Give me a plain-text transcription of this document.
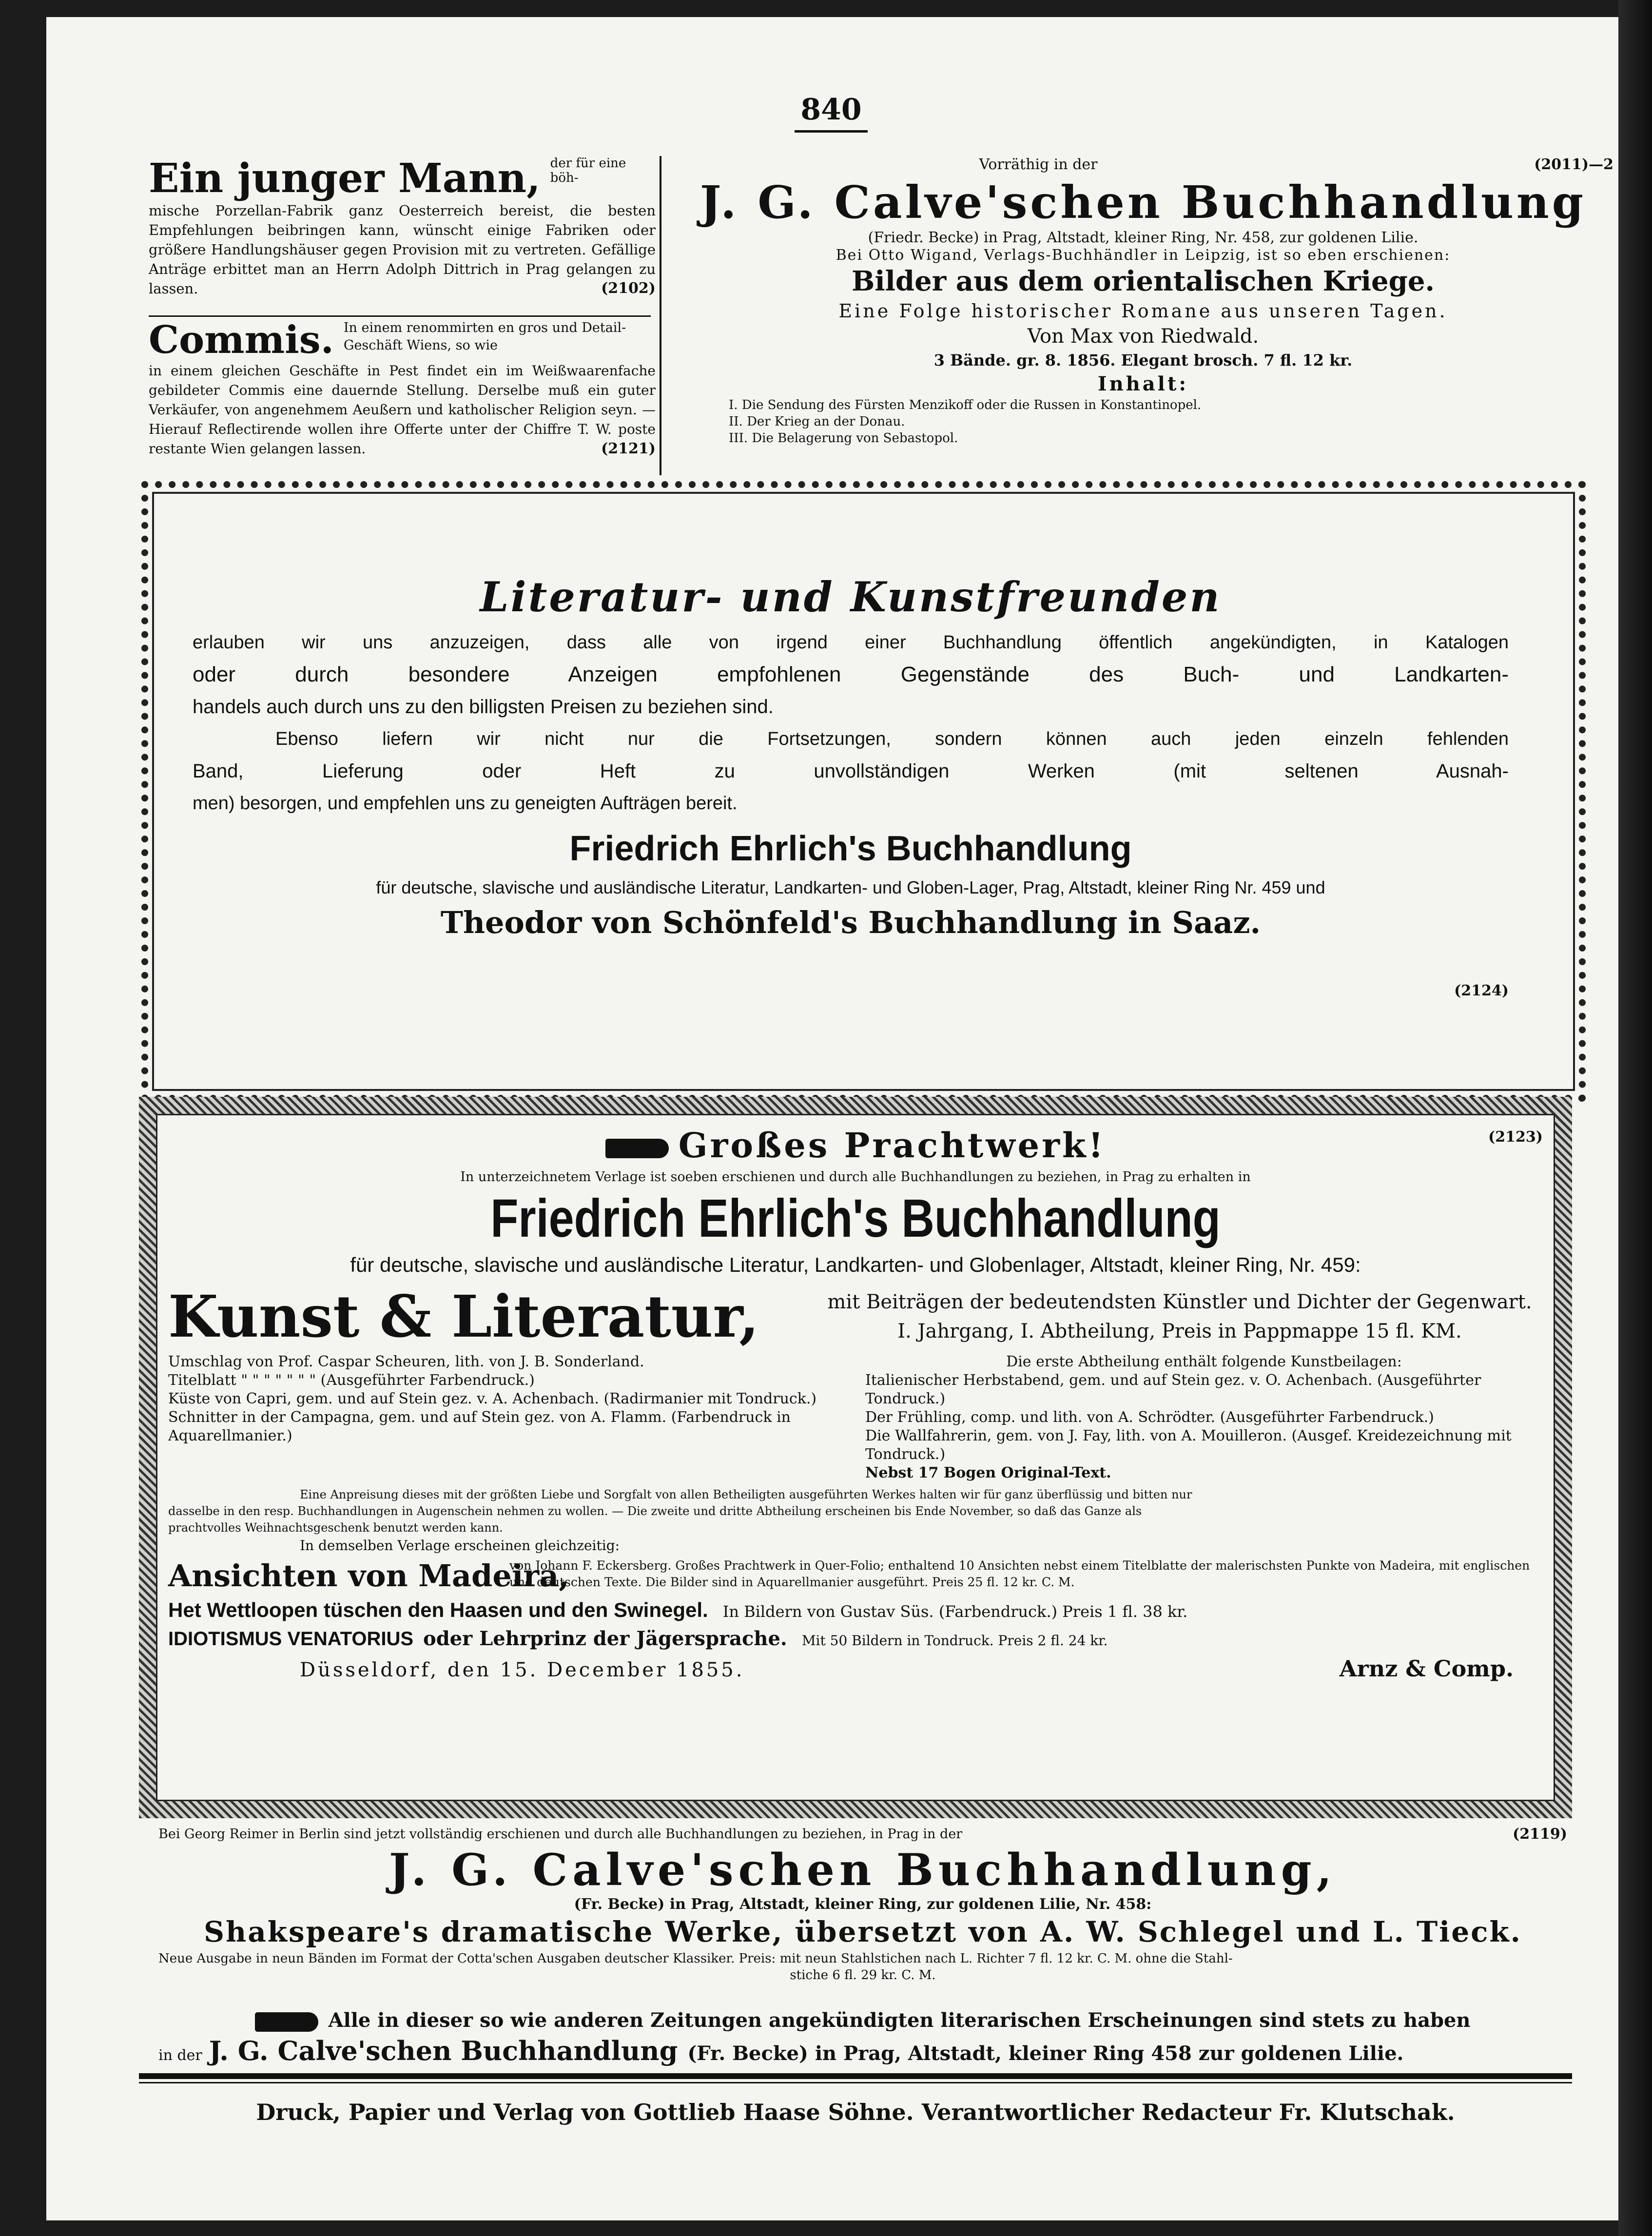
840
Ein junger Mann, der für eine böh-
mische Porzellan-Fabrik ganz Oesterreich bereist, die besten Empfehlungen beibringen kann, wünscht einige Fabriken oder größere Handlungshäuser gegen Provision mit zu vertreten. Gefällige Anträge erbittet man an Herrn Adolph Dittrich in Prag gelangen zu lassen.	(2102)
Commis. In einem renommirten en gros und Detail-Geschäft Wiens, so wie
in einem gleichen Geschäfte in Pest findet ein im Weißwaarenfache gebildeter Commis eine dauernde Stellung. Derselbe muß ein guter Verkäufer, von angenehmem Aeußern und katholischer Religion seyn. — Hierauf Reflectirende wollen ihre Offerte unter der Chiffre T. W. poste restante Wien gelangen lassen.	(2121)
Vorräthig in der	(2011)—2
J. G. Calve'schen Buchhandlung
(Friedr. Becke) in Prag, Altstadt, kleiner Ring, Nr. 458, zur goldenen Lilie.
Bei Otto Wigand, Verlags-Buchhändler in Leipzig, ist so eben erschienen:
Bilder aus dem orientalischen Kriege.
Eine Folge historischer Romane aus unseren Tagen.
Von Max von Riedwald.
3 Bände. gr. 8. 1856. Elegant brosch. 7 fl. 12 kr.
Inhalt:
I. Die Sendung des Fürsten Menzikoff oder die Russen in Konstantinopel.
II. Der Krieg an der Donau.
III. Die Belagerung von Sebastopol.
Literatur- und Kunstfreunden
erlauben wir uns anzuzeigen, dass alle von irgend einer Buchhandlung öffentlich angekündigten, in Katalogen
oder durch besondere Anzeigen empfohlenen Gegenstände des Buch- und Landkarten-
handels auch durch uns zu den billigsten Preisen zu beziehen sind.
Ebenso liefern wir nicht nur die Fortsetzungen, sondern können auch jeden einzeln fehlenden
Band, Lieferung oder Heft zu unvollständigen Werken (mit seltenen Ausnah-
men) besorgen, und empfehlen uns zu geneigten Aufträgen bereit.
Friedrich Ehrlich's Buchhandlung
für deutsche, slavische und ausländische Literatur, Landkarten- und Globen-Lager, Prag, Altstadt, kleiner Ring Nr. 459 und
Theodor von Schönfeld's Buchhandlung in Saaz.
(2124)
Großes Prachtwerk!	(2123)
In unterzeichnetem Verlage ist soeben erschienen und durch alle Buchhandlungen zu beziehen, in Prag zu erhalten in
Friedrich Ehrlich's Buchhandlung
für deutsche, slavische und ausländische Literatur, Landkarten- und Globenlager, Altstadt, kleiner Ring, Nr. 459:
Kunst & Literatur,	mit Beiträgen der bedeutendsten Künstler und Dichter der Gegenwart.
I. Jahrgang, I. Abtheilung, Preis in Pappmappe 15 fl. KM.
Umschlag von Prof. Caspar Scheuren, lith. von J. B. Sonderland.
Titelblatt " " " " " " " (Ausgeführter Farbendruck.)
Küste von Capri, gem. und auf Stein gez. v. A. Achenbach. (Radirmanier mit Tondruck.)
Schnitter in der Campagna, gem. und auf Stein gez. von A. Flamm. (Farbendruck in Aquarellmanier.)
Die erste Abtheilung enthält folgende Kunstbeilagen:
Italienischer Herbstabend, gem. und auf Stein gez. v. O. Achenbach. (Ausgeführter Tondruck.)
Der Frühling, comp. und lith. von A. Schrödter. (Ausgeführter Farbendruck.)
Die Wallfahrerin, gem. von J. Fay, lith. von A. Mouilleron. (Ausgef. Kreidezeichnung mit Tondruck.)
Nebst 17 Bogen Original-Text.
Eine Anpreisung dieses mit der größten Liebe und Sorgfalt von allen Betheiligten ausgeführten Werkes halten wir für ganz überflüssig und bitten nur
dasselbe in den resp. Buchhandlungen in Augenschein nehmen zu wollen. — Die zweite und dritte Abtheilung erscheinen bis Ende November, so daß das Ganze als
prachtvolles Weihnachtsgeschenk benutzt werden kann.
In demselben Verlage erscheinen gleichzeitig:
Ansichten von Madeira,
von Johann F. Eckersberg. Großes Prachtwerk in Quer-Folio; enthaltend 10 Ansichten nebst einem Titelblatte der malerischsten Punkte von Madeira, mit englischen und deutschen Texte. Die Bilder sind in Aquarellmanier ausgeführt. Preis 25 fl. 12 kr. C. M.
Het Wettloopen tüschen den Haasen und den Swinegel. In Bildern von Gustav Süs. (Farbendruck.) Preis 1 fl. 38 kr.
IDIOTISMUS VENATORIUS oder Lehrprinz der Jägersprache. Mit 50 Bildern in Tondruck. Preis 2 fl. 24 kr.
Düsseldorf, den 15. December 1855.	Arnz & Comp.
Bei Georg Reimer in Berlin sind jetzt vollständig erschienen und durch alle Buchhandlungen zu beziehen, in Prag in der	(2119)
J. G. Calve'schen Buchhandlung,
(Fr. Becke) in Prag, Altstadt, kleiner Ring, zur goldenen Lilie, Nr. 458:
Shakspeare's dramatische Werke, übersetzt von A. W. Schlegel und L. Tieck.
Neue Ausgabe in neun Bänden im Format der Cotta'schen Ausgaben deutscher Klassiker. Preis: mit neun Stahlstichen nach L. Richter 7 fl. 12 kr. C. M. ohne die Stahl-
stiche 6 fl. 29 kr. C. M.
Alle in dieser so wie anderen Zeitungen angekündigten literarischen Erscheinungen sind stets zu haben
in der J. G. Calve'schen Buchhandlung (Fr. Becke) in Prag, Altstadt, kleiner Ring 458 zur goldenen Lilie.
Druck, Papier und Verlag von Gottlieb Haase Söhne. Verantwortlicher Redacteur Fr. Klutschak.
